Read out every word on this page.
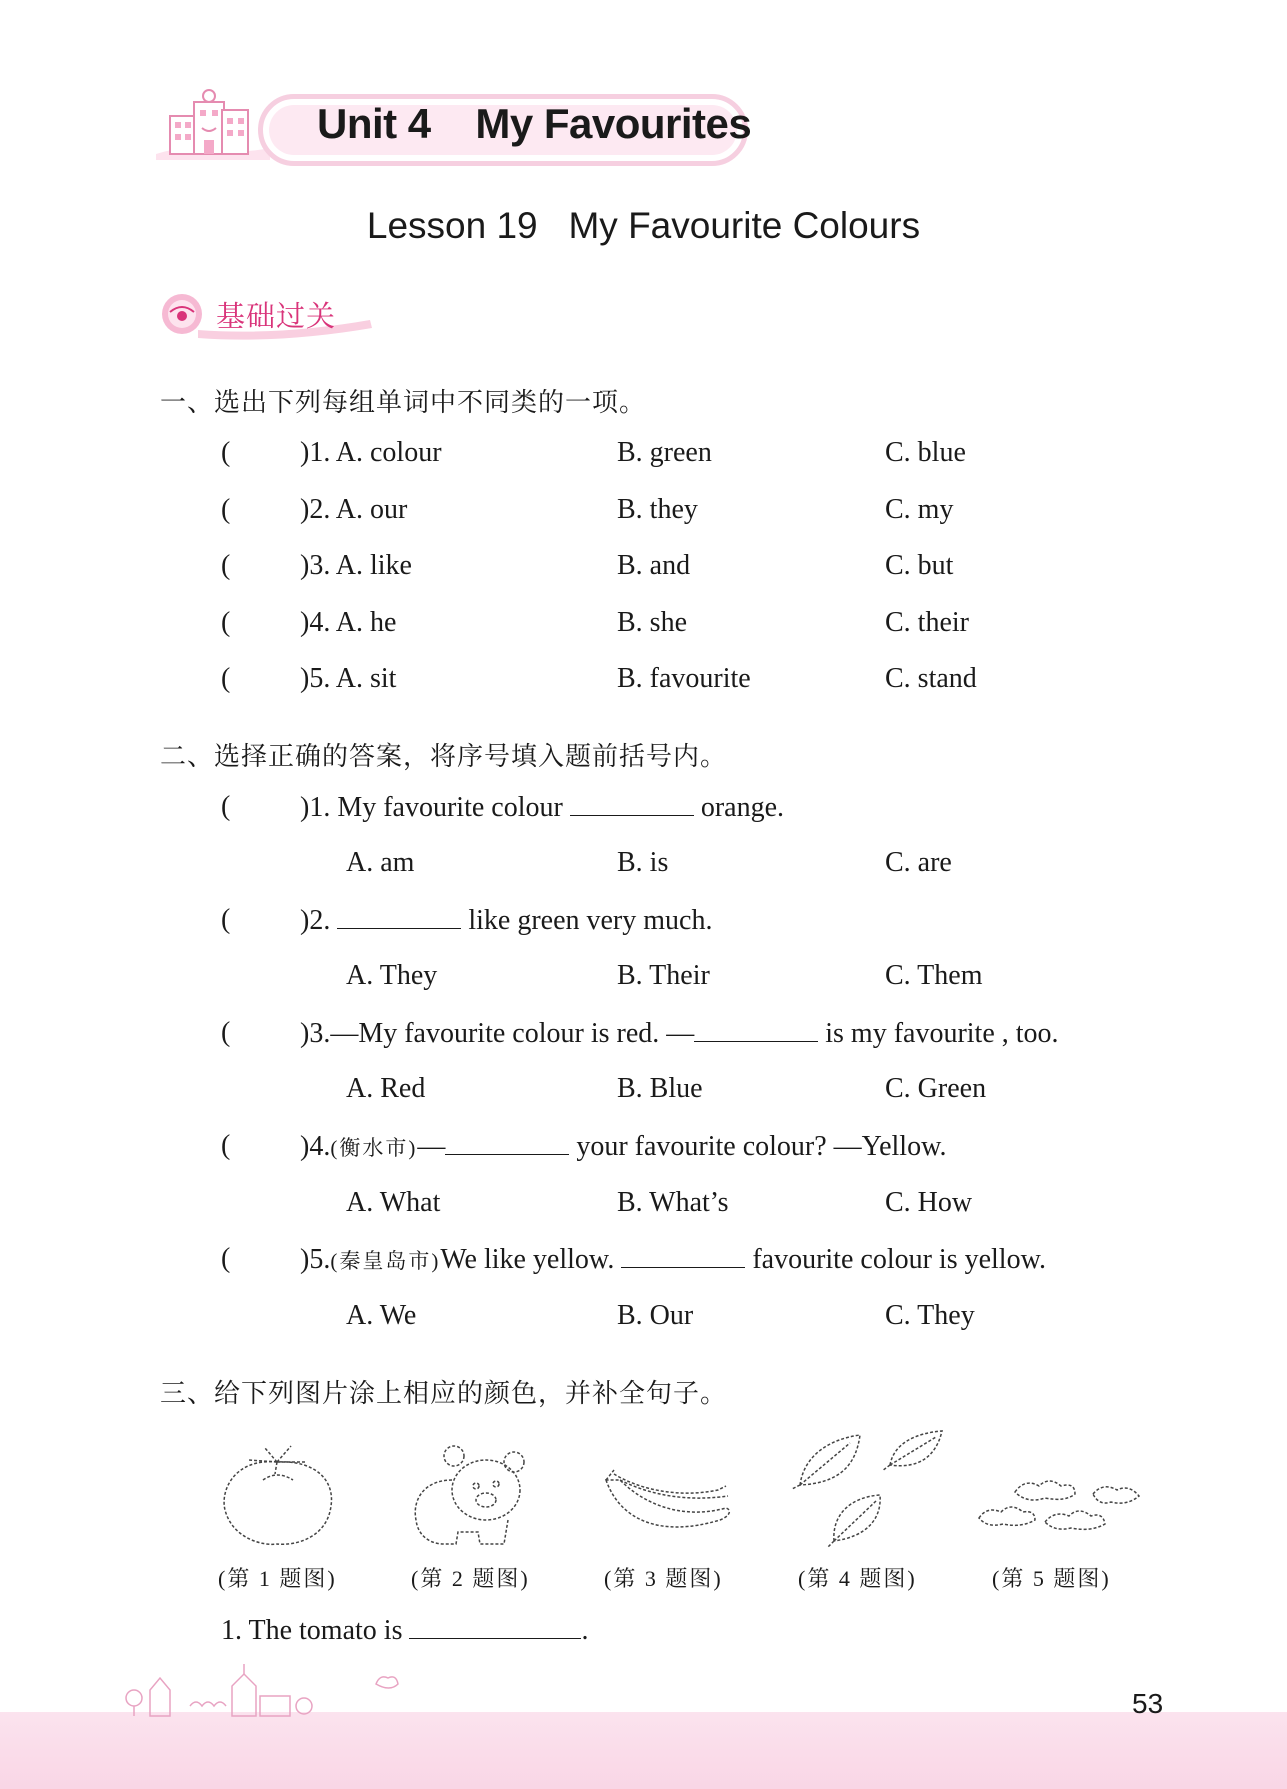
Unit 4    My Favourites
Lesson 19   My Favourite Colours
基础过关
一、选出下列每组单词中不同类的一项。
( )1. A. colour	B. green	C. blue
( )2. A. our	B. they	C. my
( )3. A. like	B. and	C. but
( )4. A. he	B. she	C. their
( )5. A. sit	B. favourite	C. stand
二、选择正确的答案，将序号填入题前括号内。
( )1. My favourite colour	orange.
A. am	B. is	C. are
( )2.	like green very much.
A. They	B. Their	C. Them
( )3.—My favourite colour is red. —	is my favourite , too.
A. Red	B. Blue	C. Green
( )4.(衡水市)—	your favourite colour? —Yellow.
A. What	B. What’s	C. How
( )5.(秦皇岛市)We like yellow.	favourite colour is yellow.
A. We	B. Our	C. They
三、给下列图片涂上相应的颜色，并补全句子。
(第 1 题图)	(第 2 题图)	(第 3 题图)	(第 4 题图)	(第 5 题图)
1. The tomato is	.
53
